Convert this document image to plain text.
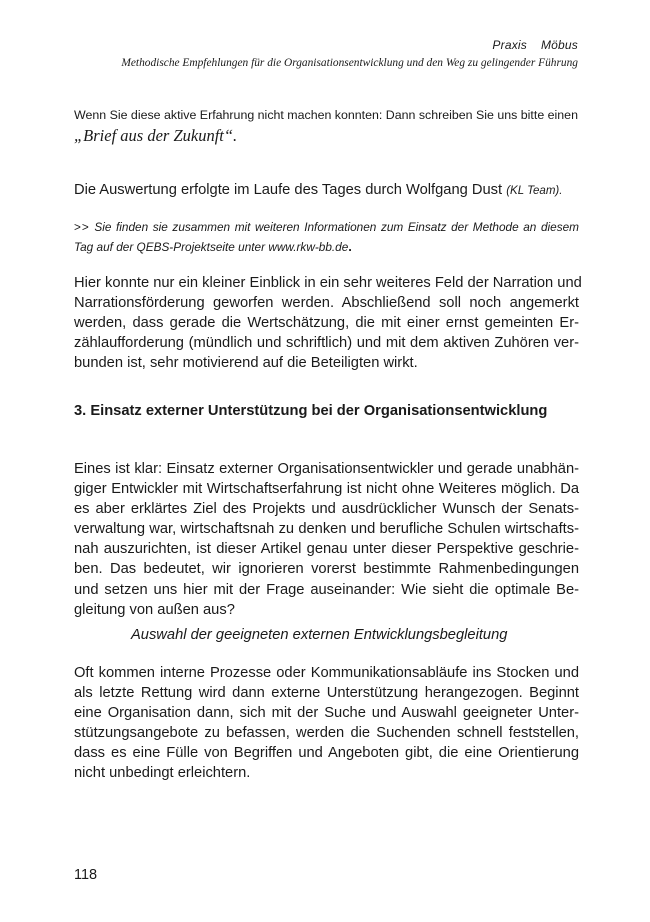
Praxis Möbus
Methodische Empfehlungen für die Organisationsentwicklung und den Weg zu gelingender Führung
Wenn Sie diese aktive Erfahrung nicht machen konnten: Dann schreiben Sie uns bitte einen
„Brief aus der Zukunft“.
Die Auswertung erfolgte im Laufe des Tages durch Wolfgang Dust (KL Team).
>> Sie finden sie zusammen mit weiteren Informationen zum Einsatz der Methode an diesem Tag auf der QEBS-Projektseite unter www.rkw-bb.de.
Hier konnte nur ein kleiner Einblick in ein sehr weiteres Feld der Narration und
Narrationsförderung geworfen werden. Abschließend soll noch angemerkt
werden, dass gerade die Wertschätzung, die mit einer ernst gemeinten Er-
zählaufforderung (mündlich und schriftlich) und mit dem aktiven Zuhören ver-
bunden ist, sehr motivierend auf die Beteiligten wirkt.
3. Einsatz externer Unterstützung bei der Organisationsentwicklung
Eines ist klar: Einsatz externer Organisationsentwickler und gerade unabhän-
giger Entwickler mit Wirtschaftserfahrung ist nicht ohne Weiteres möglich. Da
es aber erklärtes Ziel des Projekts und ausdrücklicher Wunsch der Senats-
verwaltung war, wirtschaftsnah zu denken und berufliche Schulen wirtschafts-
nah auszurichten, ist dieser Artikel genau unter dieser Perspektive geschrie-
ben. Das bedeutet, wir ignorieren vorerst bestimmte Rahmenbedingungen
und setzen uns hier mit der Frage auseinander: Wie sieht die optimale Be-
gleitung von außen aus?
Auswahl der geeigneten externen Entwicklungsbegleitung
Oft kommen interne Prozesse oder Kommunikationsabläufe ins Stocken und
als letzte Rettung wird dann externe Unterstützung herangezogen. Beginnt
eine Organisation dann, sich mit der Suche und Auswahl geeigneter Unter-
stützungsangebote zu befassen, werden die Suchenden schnell feststellen,
dass es eine Fülle von Begriffen und Angeboten gibt, die eine Orientierung
nicht unbedingt erleichtern.
118
